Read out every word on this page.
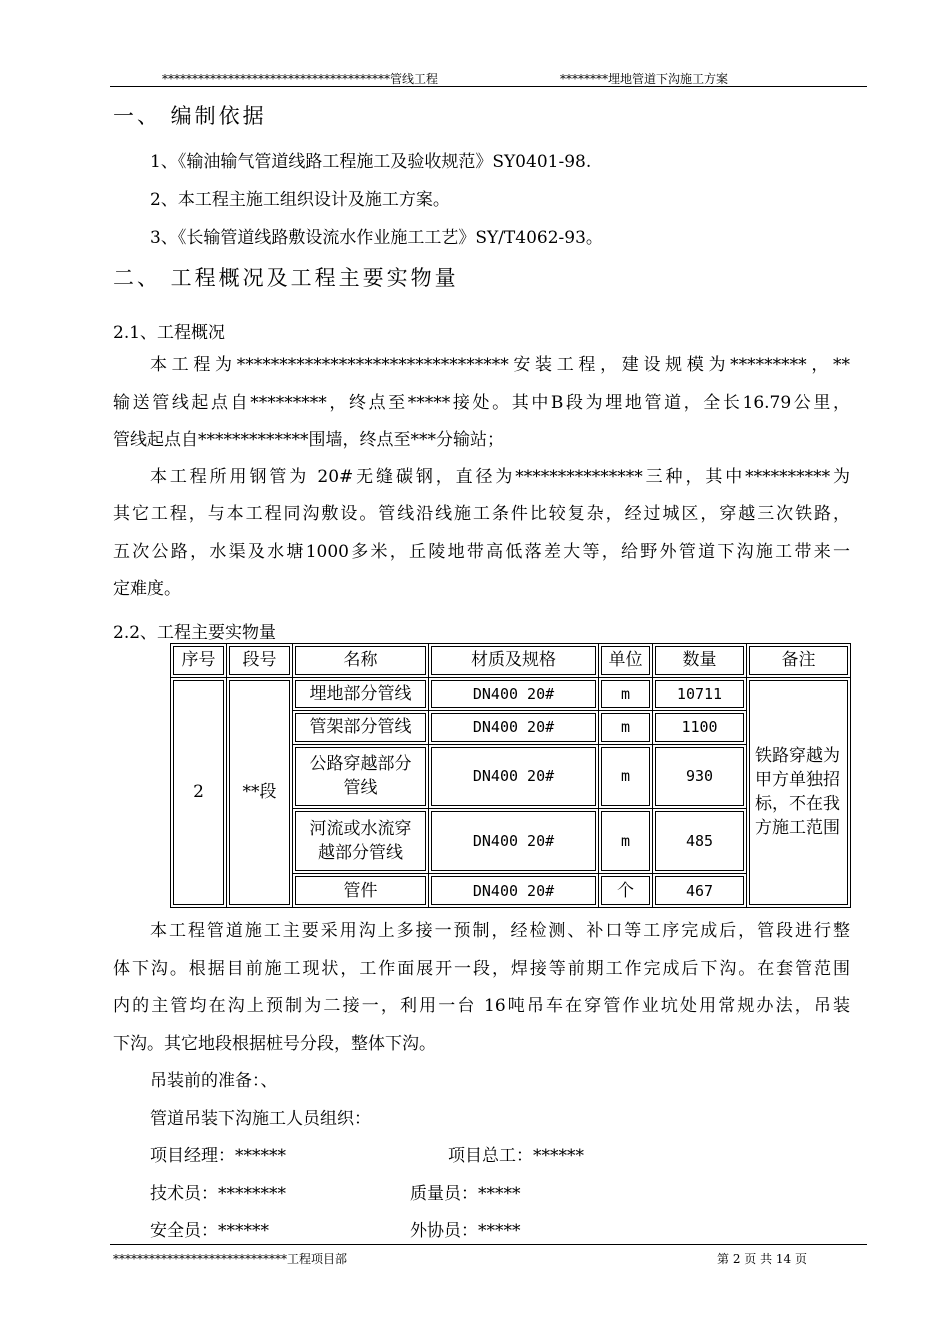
**************************************管线工程	********埋地管道下沟施工方案
一、 编制依据
1、《输油输气管道线路工程施工及验收规范》SY0401-98.
2、本工程主施工组织设计及施工方案。
3、《长输管道线路敷设流水作业施工工艺》SY/T4062-93。
二、 工程概况及工程主要实物量
2.1、工程概况
本工程为********************************安装工程，建设规模为*********，**
输送管线起点自*********，终点至*****接处。其中B段为埋地管道，全长16.79公里，
管线起点自*************围墙，终点至***分输站；
本工程所用钢管为 20#无缝碳钢，直径为***************三种，其中**********为
其它工程，与本工程同沟敷设。管线沿线施工条件比较复杂，经过城区，穿越三次铁路，
五次公路，水渠及水塘1000多米，丘陵地带高低落差大等，给野外管道下沟施工带来一
定难度。
2.2、工程主要实物量
序号	段号	名称	材质及规格	单位	数量	备注
2	**段	埋地部分管线	DN400 20#	m	10711	铁路穿越为甲方单独招标，不在我方施工范围
		管架部分管线	DN400 20#	m	1100	
		公路穿越部分管线	DN400 20#	m	930	
		河流或水流穿越部分管线	DN400 20#	m	485	
		管件	DN400 20#	个	467	
本工程管道施工主要采用沟上多接一预制，经检测、补口等工序完成后，管段进行整
体下沟。根据目前施工现状，工作面展开一段，焊接等前期工作完成后下沟。在套管范围
内的主管均在沟上预制为二接一，利用一台 16吨吊车在穿管作业坑处用常规办法，吊装
下沟。其它地段根据桩号分段，整体下沟。
吊装前的准备：、
管道吊装下沟施工人员组织：
项目经理：******	项目总工：******
技术员：********	质量员：*****
安全员：******	外协员：*****
*****************************工程项目部	第 2 页 共 14 页
